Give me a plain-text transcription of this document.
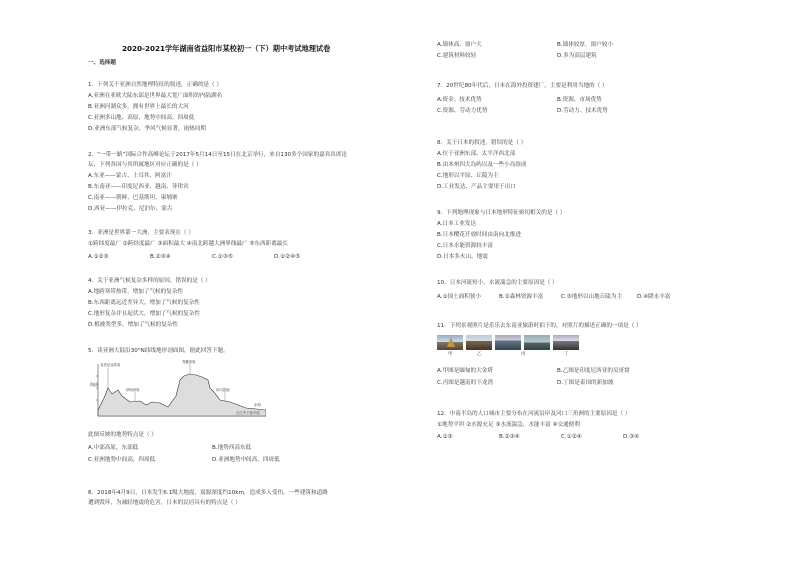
2020-2021学年湖南省益阳市某校初一（下）期中考试地理试卷
一、选择题
1．下列关于亚洲自然地理特征的叙述，正确的是（ ）
A.亚洲在亚欧大陆东部是世界最大宽广面积的内陆湖名
B.亚洲河湖众多，拥有世界上最长的大河
C.亚洲多山地、高原，地势中间高、四周低
D.亚洲东部气候复杂，季风气候显著，雨热同期
2．“一带一路”国际合作高峰论坛于2017年5月14日至15日在北京举行，来自130多个国家的嘉宾出席论
坛，下列各国与其所属地区对应正确的是（ ）
A.东亚——蒙古、土耳其、阿富汗
B.东南亚——印度尼西亚、越南、菲律宾
C.南亚——朝鲜、巴基斯坦、柬埔寨
D.西亚——伊拉克、尼泊尔、蒙古
3．亚洲是世界第一大洲，主要表现在（ ）
①跨纬度最广 ②跨经度最广 ③面积最大 ④南北跨越大洲界线最广 ⑤东西距离最长
A.①②③	B.②③④	C.①③⑤	D.①②④⑤
4．关于亚洲气候复杂多样的原因，错误的是（ ）
A.地跨寒带热带，增加了气候的复杂性
B.东西距离远近差异大，增加了气候的复杂性
C.地形复杂并且起伏大，增加了气候的复杂性
D.植被类型多，增加了气候的复杂性
5．读亚洲大陆沿30°N纬线地形剖面图，据此回答下题。
海拔
亚美尼亚高原
伊朗高原
青藏高原
四川盆地
长江中下游平原
东海
此图反映的地势特点是（ ）
A.中部高原，东部低	B.地势西高东低
C.亚洲地势中间高，四周低	D.亚洲地势中间高，四周低
6．2018年4月9日，日本发生6.1级大地震，震源深度约10km，造成多人受伤，一些建筑和道路
遭到毁坏，为减轻地震的危害，日本的民居具有的特点是（ ）
A.墙体高、窗户大	B.墙体较厚，窗户较小
C.建筑材料较轻	D.多为高层建筑
7．20世纪80年代后，日本在海外投资建厂，主要是利用当地的（ ）
A.资金、技术优势	B.资源、市场优势
C.资源、劳动力优势	D.劳动力、技术优势
8．关于日本的叙述，错误的是（ ）
A.位于亚洲东部、太平洋西北部
B.由本州四大岛屿以及一些小岛组成
C.地形以平原、丘陵为主
D.工业发达、产品主要用于出口
9．下列地理现象与日本地形特征密切相关的是（ ）
A.日本工业发达
B.日本樱花开放时间由南向北推进
C.日本水能资源较丰富
D.日本多火山、地震
10．日本河流短小，水流湍急的主要原因是（ ）
A.①国土面积狭小	B.②森林资源丰富	C.③地形以山地丘陵为主	D.④降水丰富
11．下列景观照片是乐乐去东南亚旅游时拍下的，对照片的描述正确的一项是（ ）
甲	乙	丙	丁
A.甲图是缅甸的大金塔	B.乙图是印度尼西亚的吴哥窟
C.丙图是越南的下龙湾	D.丁图是泰国的新加坡
12．中南半岛的人口城市主要分布在河流沿岸及河口三角洲的主要原因是（ ）
①地势平坦 ②水源充足 ③水流湍急，水能丰富 ④交通便利
A.①③	B.②③④	C.①②④	D.③④
